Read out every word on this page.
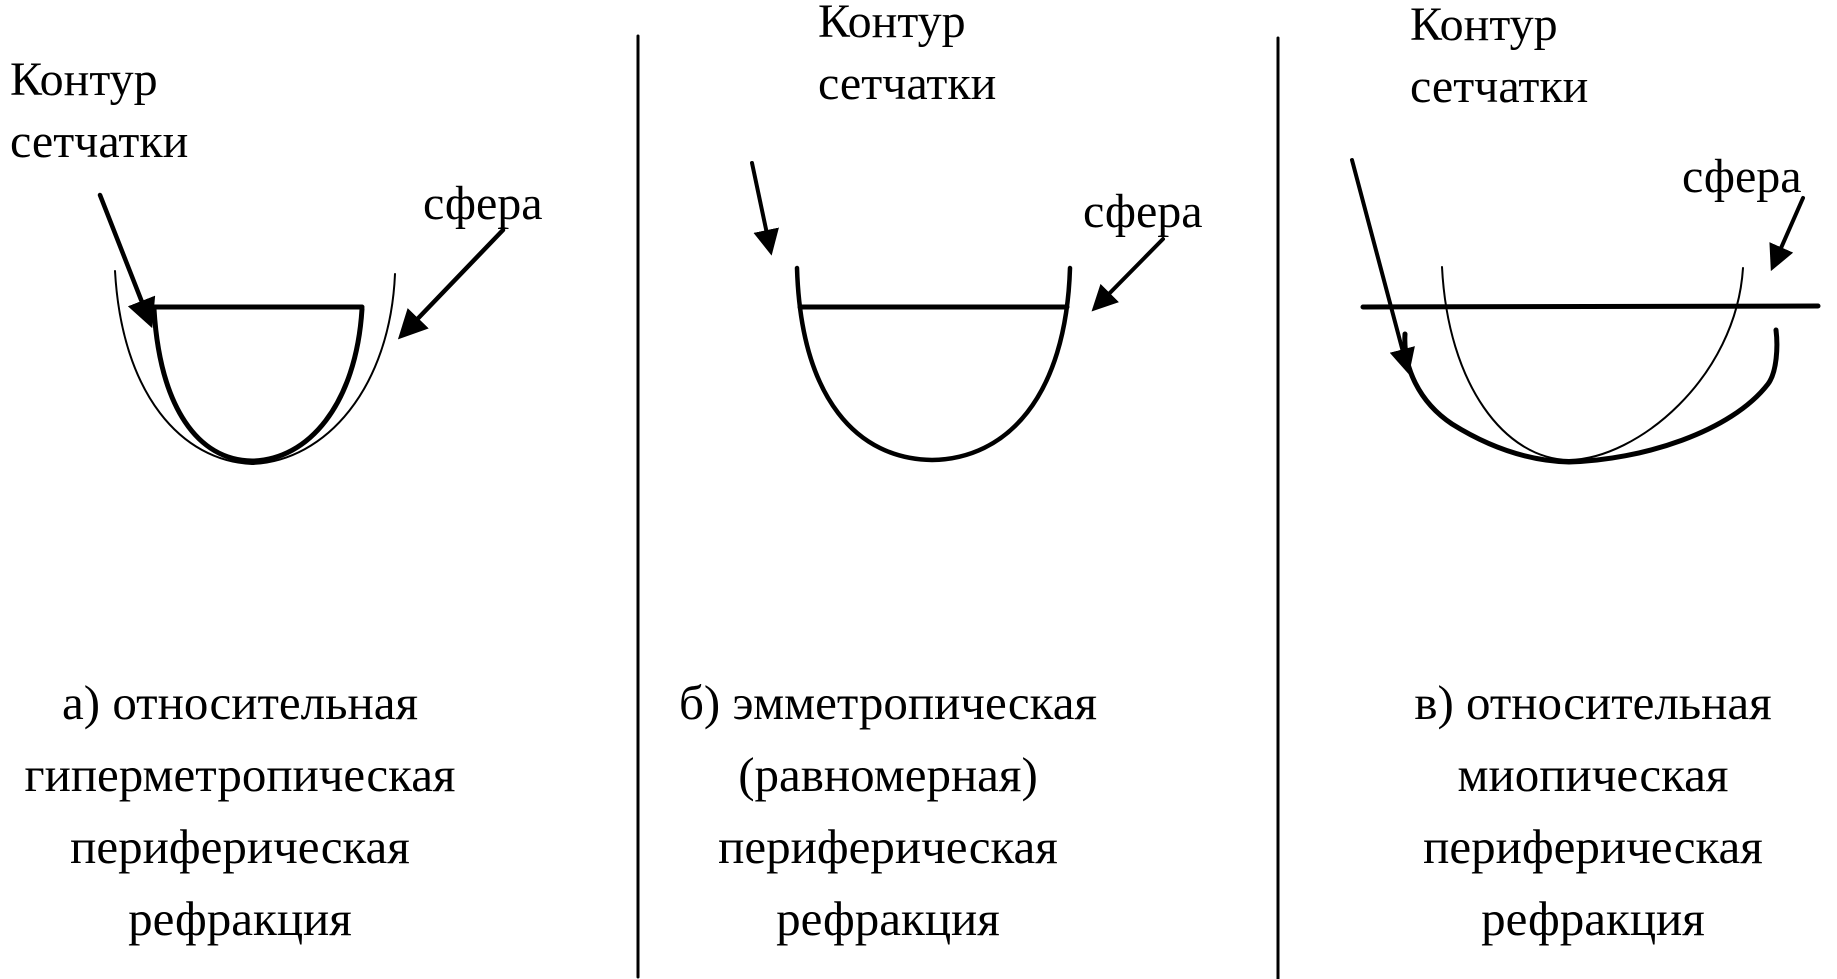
Контур
сетчатки
сфера
Контур
сетчатки
сфера
Контур
сетчатки
сфера
а) относительная
гиперметропическая
периферическая
рефракция
б) эмметропическая
(равномерная)
периферическая
рефракция
в) относительная
миопическая
периферическая
рефракция
